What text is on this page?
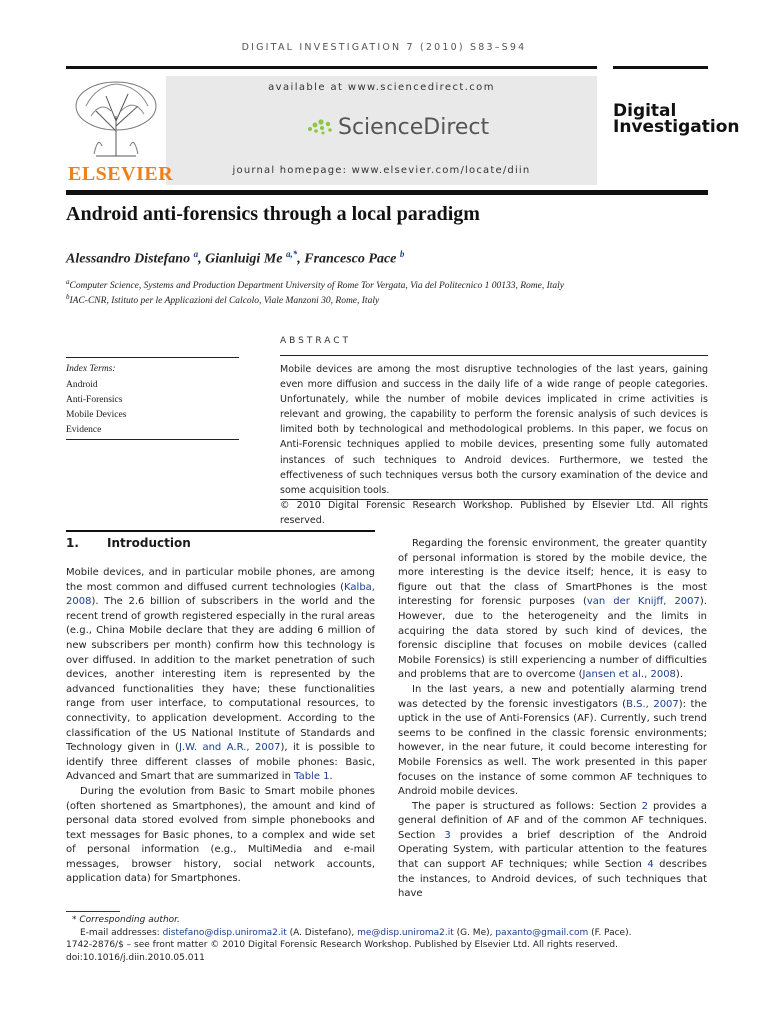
DIGITAL INVESTIGATION 7 (2010) S83–S94
ELSEVIER
available at www.sciencedirect.com
ScienceDirect
journal homepage: www.elsevier.com/locate/diin
Digital
Investigation
Android anti-forensics through a local paradigm
Alessandro Distefano $^a$, Gianluigi Me $^{a,*}$, Francesco Pace $^b$
$^a$Computer Science, Systems and Production Department University of Rome Tor Vergata, Via del Politecnico 1 00133, Rome, Italy
$^b$IAC-CNR, Istituto per le Applicazioni del Calcolo, Viale Manzoni 30, Rome, Italy
Index Terms:
Android
Anti-Forensics
Mobile Devices
Evidence
ABSTRACT
Mobile devices are among the most disruptive technologies of the last years, gaining even more diffusion and success in the daily life of a wide range of people categories. Unfortunately, while the number of mobile devices implicated in crime activities is relevant and growing, the capability to perform the forensic analysis of such devices is limited both by technological and methodological problems. In this paper, we focus on Anti-Forensic techniques applied to mobile devices, presenting some fully automated instances of such techniques to Android devices. Furthermore, we tested the effectiveness of such techniques versus both the cursory examination of the device and some acquisition tools.
© 2010 Digital Forensic Research Workshop. Published by Elsevier Ltd. All rights reserved.
1. Introduction

Mobile devices, and in particular mobile phones, are among the most common and diffused current technologies (Kalba, 2008). The 2.6 billion of subscribers in the world and the recent trend of growth registered especially in the rural areas (e.g., China Mobile declare that they are adding 6 million of new subscribers per month) confirm how this technology is over diffused. In addition to the market penetration of such devices, another interesting item is represented by the advanced functionalities they have; these functionalities range from user interface, to computational resources, to connectivity, to application development. According to the classification of the US National Institute of Standards and Technology given in (J.W. and A.R., 2007), it is possible to identify three different classes of mobile phones: Basic, Advanced and Smart that are summarized in Table 1.

During the evolution from Basic to Smart mobile phones (often shortened as Smartphones), the amount and kind of personal data stored evolved from simple phonebooks and text messages for Basic phones, to a complex and wide set of personal information (e.g., MultiMedia and e-mail messages, browser history, social network accounts, application data) for Smartphones.

Regarding the forensic environment, the greater quantity of personal information is stored by the mobile device, the more interesting is the device itself; hence, it is easy to figure out that the class of SmartPhones is the most interesting for forensic purposes (van der Knijff, 2007). However, due to the heterogeneity and the limits in acquiring the data stored by such kind of devices, the forensic discipline that focuses on mobile devices (called Mobile Forensics) is still experiencing a number of difficulties and problems that are to overcome (Jansen et al., 2008).

In the last years, a new and potentially alarming trend was detected by the forensic investigators (B.S., 2007): the uptick in the use of Anti-Forensics (AF). Currently, such trend seems to be confined in the classic forensic environments; however, in the near future, it could become interesting for Mobile Forensics as well. The work presented in this paper focuses on the instance of some common AF techniques to Android mobile devices.

The paper is structured as follows: Section 2 provides a general definition of AF and of the common AF techniques. Section 3 provides a brief description of the Android Operating System, with particular attention to the features that can support AF techniques; while Section 4 describes the instances, to Android devices, of such techniques that have

* Corresponding author.
E-mail addresses: distefano@disp.uniroma2.it (A. Distefano), me@disp.uniroma2.it (G. Me), paxanto@gmail.com (F. Pace).
1742-2876/$ – see front matter © 2010 Digital Forensic Research Workshop. Published by Elsevier Ltd. All rights reserved.
doi:10.1016/j.diin.2010.05.011
